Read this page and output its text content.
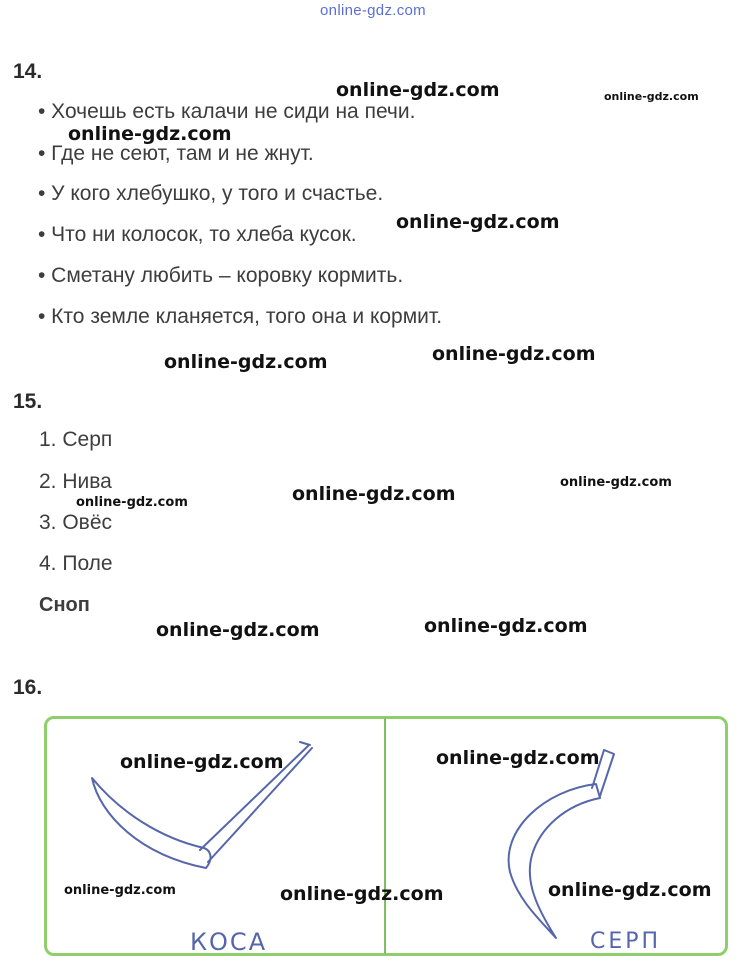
online-gdz.com
14.
• Хочешь есть калачи не сиди на печи.
• Где не сеют, там и не жнут.
• У кого хлебушко, у того и счастье.
• Что ни колосок, то хлеба кусок.
• Сметану любить – коровку кормить.
• Кто земле кланяется, того она и кормит.
15.
1. Серп
2. Нива
3. Овёс
4. Поле
Сноп
16.
КОСА	СЕРП
online-gdz.com	online-gdz.com
online-gdz.com
online-gdz.com
online-gdz.com	online-gdz.com
online-gdz.com	online-gdz.com
online-gdz.com
online-gdz.com	online-gdz.com
online-gdz.com	online-gdz.com
online-gdz.com	online-gdz.com	online-gdz.com
